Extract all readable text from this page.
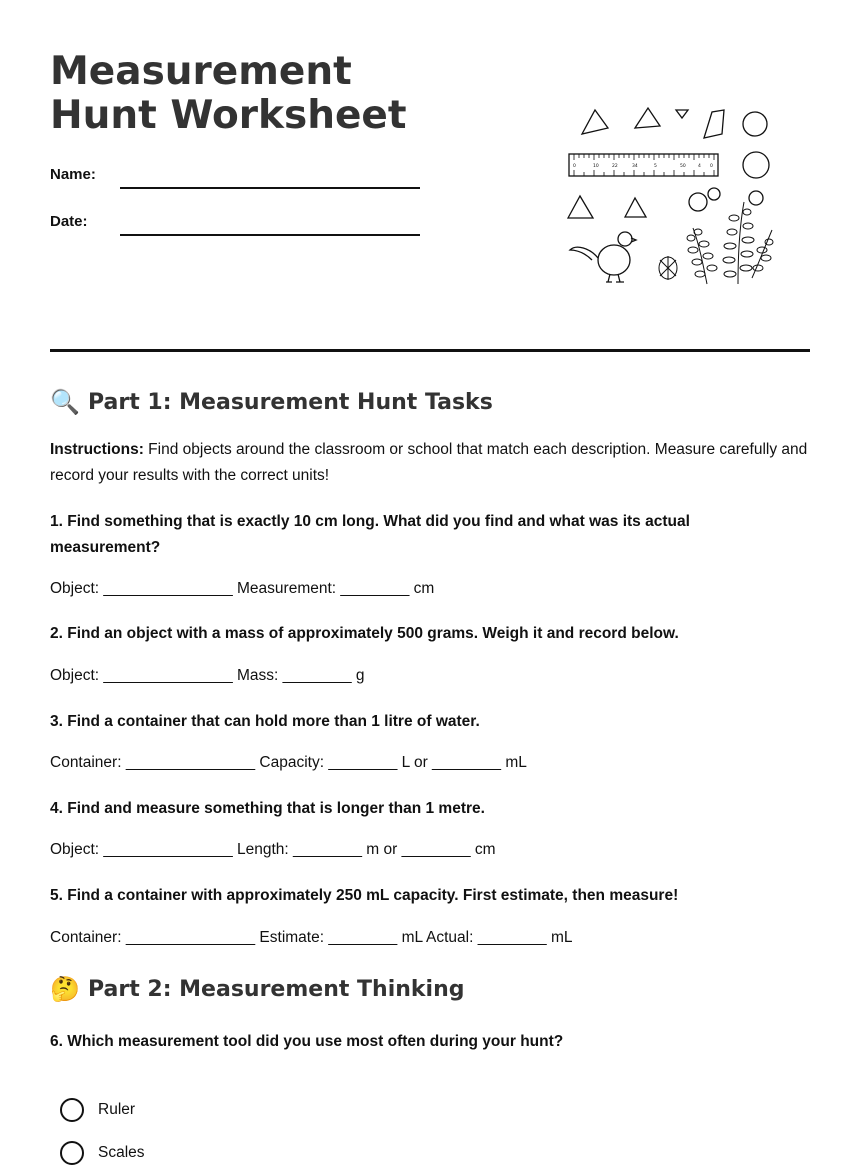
Measurement Hunt Worksheet
Name:
Date:
0	10	22	34	5	50	4 0
🔍 Part 1: Measurement Hunt Tasks
Instructions: Find objects around the classroom or school that match each description. Measure carefully and record your results with the correct units!
1. Find something that is exactly 10 cm long. What did you find and what was its actual measurement?
Object: _______________ Measurement: ________ cm
2. Find an object with a mass of approximately 500 grams. Weigh it and record below.
Object: _______________ Mass: ________ g
3. Find a container that can hold more than 1 litre of water.
Container: _______________ Capacity: ________ L or ________ mL
4. Find and measure something that is longer than 1 metre.
Object: _______________ Length: ________ m or ________ cm
5. Find a container with approximately 250 mL capacity. First estimate, then measure!
Container: _______________ Estimate: ________ mL Actual: ________ mL
🤔 Part 2: Measurement Thinking
6. Which measurement tool did you use most often during your hunt?
Ruler
Scales
